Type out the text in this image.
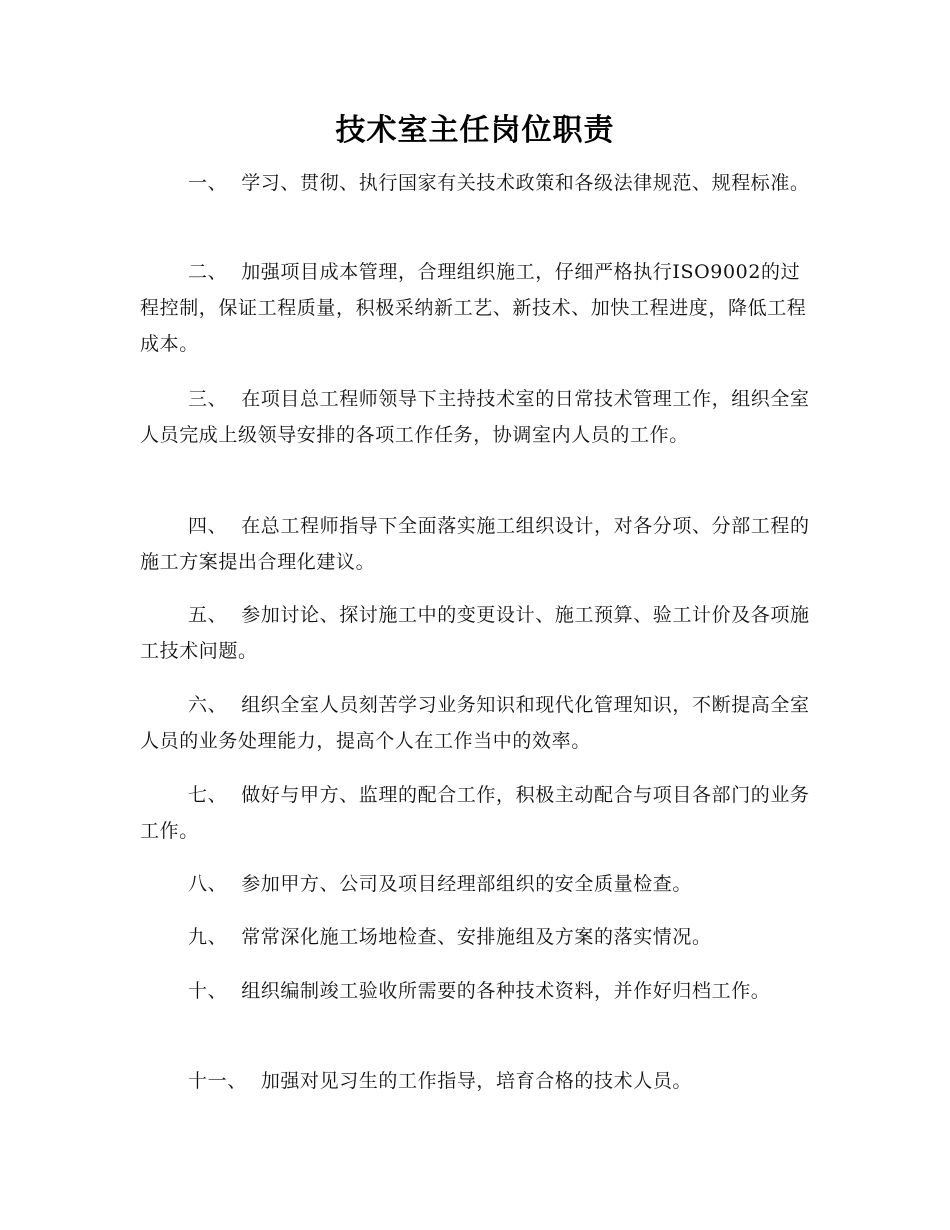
技术室主任岗位职责
一、 学习、贯彻、执行国家有关技术政策和各级法律规范、规程标准。
二、 加强项目成本管理，合理组织施工，仔细严格执行ISO9002的过程控制，保证工程质量，积极采纳新工艺、新技术、加快工程进度，降低工程成本。
三、 在项目总工程师领导下主持技术室的日常技术管理工作，组织全室人员完成上级领导安排的各项工作任务，协调室内人员的工作。
四、 在总工程师指导下全面落实施工组织设计，对各分项、分部工程的施工方案提出合理化建议。
五、 参加讨论、探讨施工中的变更设计、施工预算、验工计价及各项施工技术问题。
六、 组织全室人员刻苦学习业务知识和现代化管理知识，不断提高全室人员的业务处理能力，提高个人在工作当中的效率。
七、 做好与甲方、监理的配合工作，积极主动配合与项目各部门的业务工作。
八、 参加甲方、公司及项目经理部组织的安全质量检查。
九、 常常深化施工场地检查、安排施组及方案的落实情况。
十、 组织编制竣工验收所需要的各种技术资料，并作好归档工作。
十一、 加强对见习生的工作指导，培育合格的技术人员。
